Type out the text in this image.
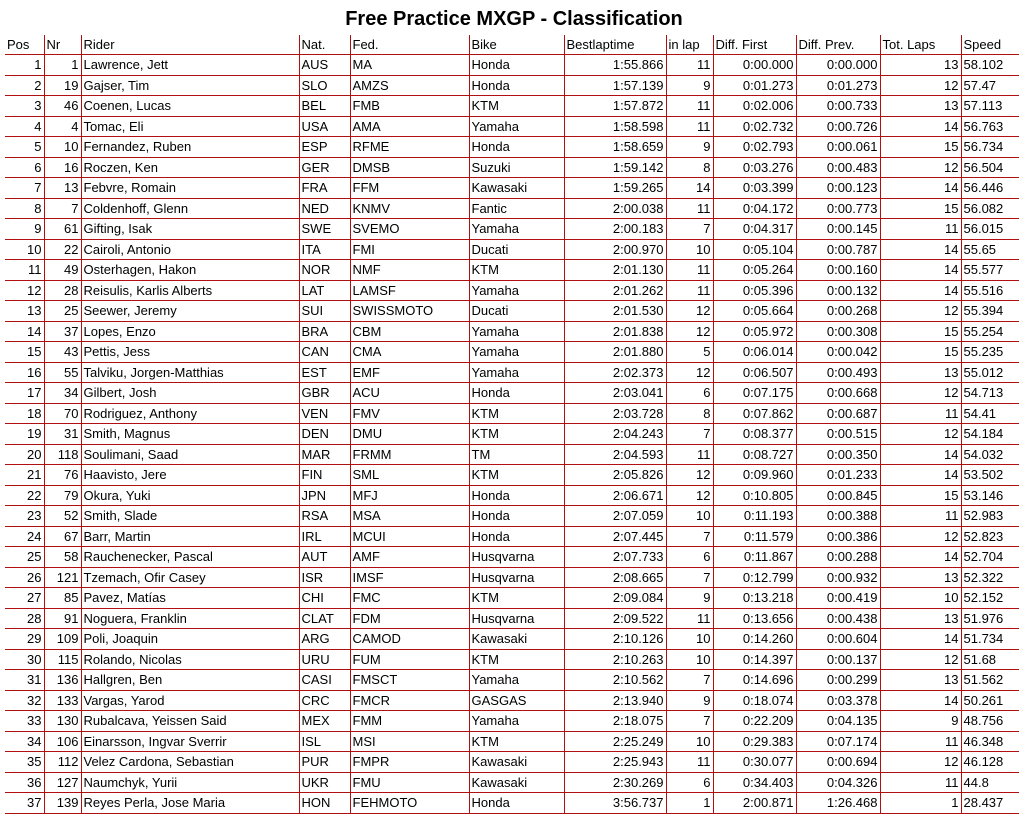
Free Practice MXGP - Classification
Pos	Nr	Rider	Nat.	Fed.	Bike	Bestlaptime	in lap	Diff. First	Diff. Prev.	Tot. Laps	Speed
1	1	Lawrence, Jett	AUS	MA	Honda	1:55.866	11	0:00.000	0:00.000	13	58.102
2	19	Gajser, Tim	SLO	AMZS	Honda	1:57.139	9	0:01.273	0:01.273	12	57.47
3	46	Coenen, Lucas	BEL	FMB	KTM	1:57.872	11	0:02.006	0:00.733	13	57.113
4	4	Tomac, Eli	USA	AMA	Yamaha	1:58.598	11	0:02.732	0:00.726	14	56.763
5	10	Fernandez, Ruben	ESP	RFME	Honda	1:58.659	9	0:02.793	0:00.061	15	56.734
6	16	Roczen, Ken	GER	DMSB	Suzuki	1:59.142	8	0:03.276	0:00.483	12	56.504
7	13	Febvre, Romain	FRA	FFM	Kawasaki	1:59.265	14	0:03.399	0:00.123	14	56.446
8	7	Coldenhoff, Glenn	NED	KNMV	Fantic	2:00.038	11	0:04.172	0:00.773	15	56.082
9	61	Gifting, Isak	SWE	SVEMO	Yamaha	2:00.183	7	0:04.317	0:00.145	11	56.015
10	22	Cairoli, Antonio	ITA	FMI	Ducati	2:00.970	10	0:05.104	0:00.787	14	55.65
11	49	Osterhagen, Hakon	NOR	NMF	KTM	2:01.130	11	0:05.264	0:00.160	14	55.577
12	28	Reisulis, Karlis Alberts	LAT	LAMSF	Yamaha	2:01.262	11	0:05.396	0:00.132	14	55.516
13	25	Seewer, Jeremy	SUI	SWISSMOTO	Ducati	2:01.530	12	0:05.664	0:00.268	12	55.394
14	37	Lopes, Enzo	BRA	CBM	Yamaha	2:01.838	12	0:05.972	0:00.308	15	55.254
15	43	Pettis, Jess	CAN	CMA	Yamaha	2:01.880	5	0:06.014	0:00.042	15	55.235
16	55	Talviku, Jorgen-Matthias	EST	EMF	Yamaha	2:02.373	12	0:06.507	0:00.493	13	55.012
17	34	Gilbert, Josh	GBR	ACU	Honda	2:03.041	6	0:07.175	0:00.668	12	54.713
18	70	Rodriguez, Anthony	VEN	FMV	KTM	2:03.728	8	0:07.862	0:00.687	11	54.41
19	31	Smith, Magnus	DEN	DMU	KTM	2:04.243	7	0:08.377	0:00.515	12	54.184
20	118	Soulimani, Saad	MAR	FRMM	TM	2:04.593	11	0:08.727	0:00.350	14	54.032
21	76	Haavisto, Jere	FIN	SML	KTM	2:05.826	12	0:09.960	0:01.233	14	53.502
22	79	Okura, Yuki	JPN	MFJ	Honda	2:06.671	12	0:10.805	0:00.845	15	53.146
23	52	Smith, Slade	RSA	MSA	Honda	2:07.059	10	0:11.193	0:00.388	11	52.983
24	67	Barr, Martin	IRL	MCUI	Honda	2:07.445	7	0:11.579	0:00.386	12	52.823
25	58	Rauchenecker, Pascal	AUT	AMF	Husqvarna	2:07.733	6	0:11.867	0:00.288	14	52.704
26	121	Tzemach, Ofir Casey	ISR	IMSF	Husqvarna	2:08.665	7	0:12.799	0:00.932	13	52.322
27	85	Pavez, Matías	CHI	FMC	KTM	2:09.084	9	0:13.218	0:00.419	10	52.152
28	91	Noguera, Franklin	CLAT	FDM	Husqvarna	2:09.522	11	0:13.656	0:00.438	13	51.976
29	109	Poli, Joaquin	ARG	CAMOD	Kawasaki	2:10.126	10	0:14.260	0:00.604	14	51.734
30	115	Rolando, Nicolas	URU	FUM	KTM	2:10.263	10	0:14.397	0:00.137	12	51.68
31	136	Hallgren, Ben	CASI	FMSCT	Yamaha	2:10.562	7	0:14.696	0:00.299	13	51.562
32	133	Vargas, Yarod	CRC	FMCR	GASGAS	2:13.940	9	0:18.074	0:03.378	14	50.261
33	130	Rubalcava, Yeissen Said	MEX	FMM	Yamaha	2:18.075	7	0:22.209	0:04.135	9	48.756
34	106	Einarsson, Ingvar Sverrir	ISL	MSI	KTM	2:25.249	10	0:29.383	0:07.174	11	46.348
35	112	Velez Cardona, Sebastian	PUR	FMPR	Kawasaki	2:25.943	11	0:30.077	0:00.694	12	46.128
36	127	Naumchyk, Yurii	UKR	FMU	Kawasaki	2:30.269	6	0:34.403	0:04.326	11	44.8
37	139	Reyes Perla, Jose Maria	HON	FEHMOTO	Honda	3:56.737	1	2:00.871	1:26.468	1	28.437
